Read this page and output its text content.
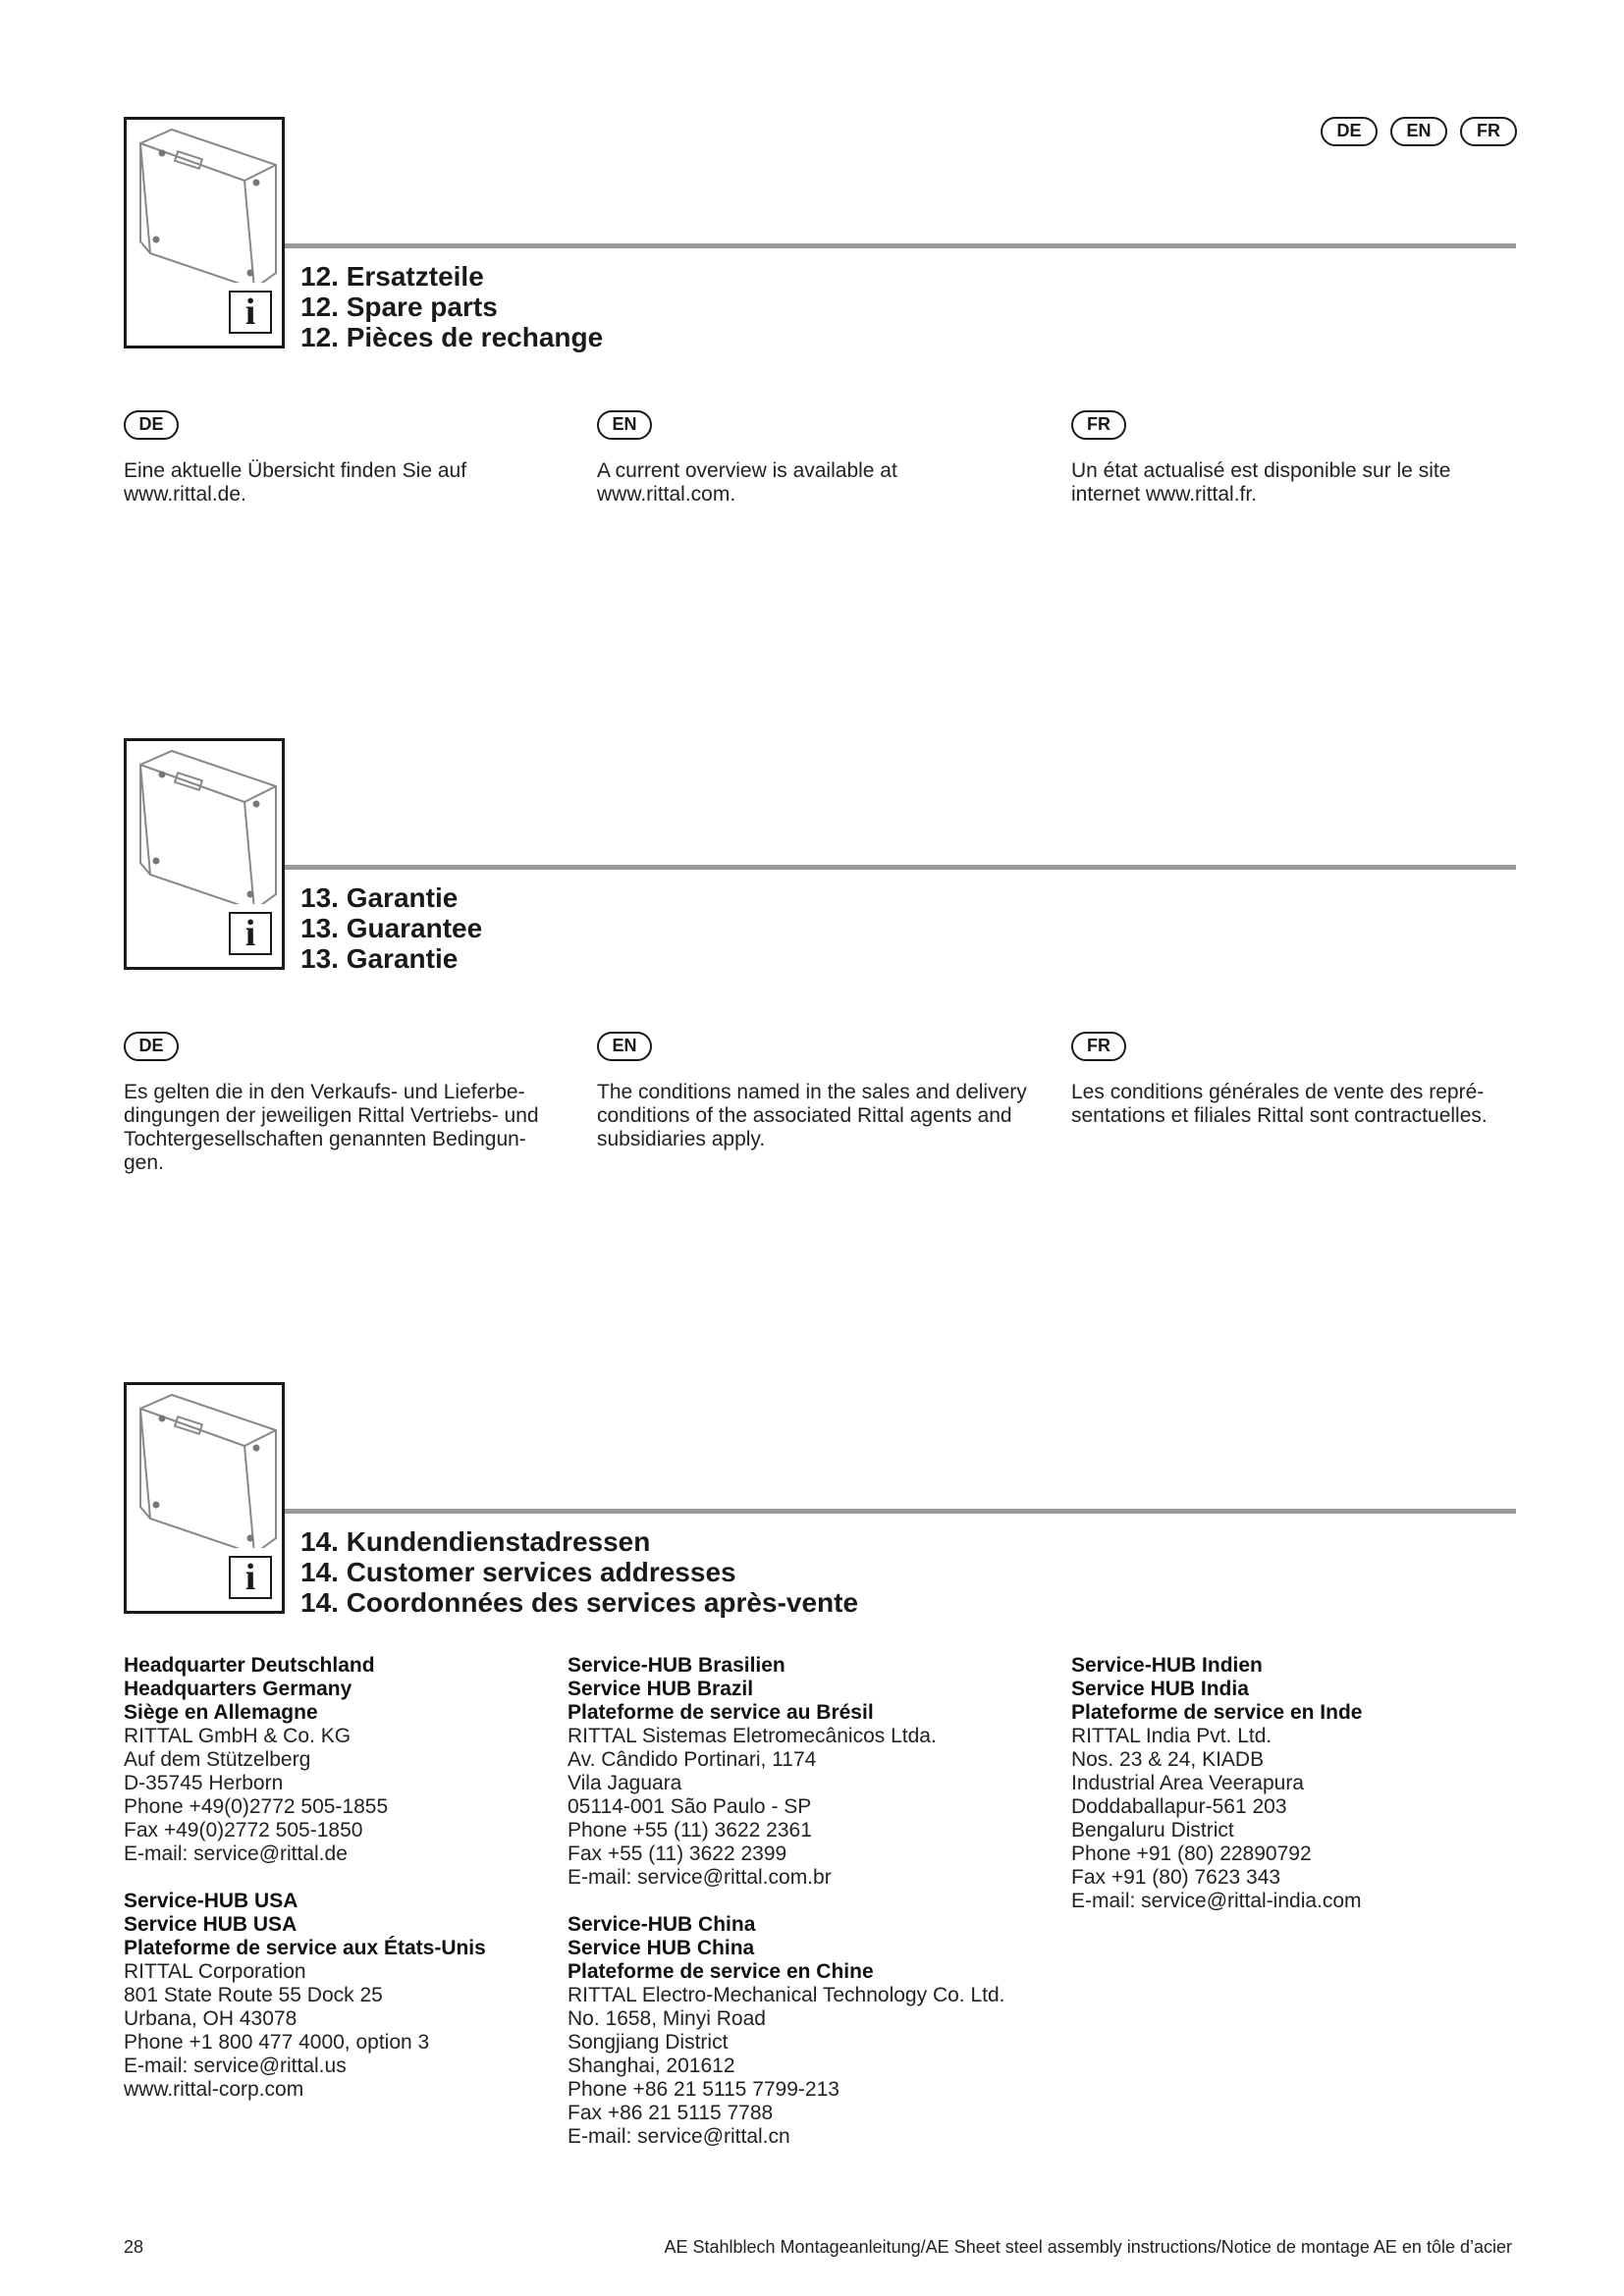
DE	EN	FR
i
12. Ersatzteile
12. Spare parts
12. Pièces de rechange
DE	EN	FR
Eine aktuelle Übersicht finden Sie auf
www.rittal.de.
A current overview is available at
www.rittal.com.
Un état actualisé est disponible sur le site
internet www.rittal.fr.
i
13. Garantie
13. Guarantee
13. Garantie
DE	EN	FR
Es gelten die in den Verkaufs- und Lieferbe-
dingungen der jeweiligen Rittal Vertriebs- und
Tochtergesellschaften genannten Bedingun-
gen.
The conditions named in the sales and delivery
conditions of the associated Rittal agents and
subsidiaries apply.
Les conditions générales de vente des repré-
sentations et filiales Rittal sont contractuelles.
i
14. Kundendienstadressen
14. Customer services addresses
14. Coordonnées des services après-vente
Headquarter Deutschland
Headquarters Germany
Siège en Allemagne
RITTAL GmbH & Co. KG
Auf dem Stützelberg
D-35745 Herborn
Phone +49(0)2772 505-1855
Fax +49(0)2772 505-1850
E-mail: service@rittal.de
Service-HUB USA
Service HUB USA
Plateforme de service aux États-Unis
RITTAL Corporation
801 State Route 55 Dock 25
Urbana, OH 43078
Phone +1 800 477 4000, option 3
E-mail: service@rittal.us
www.rittal-corp.com
Service-HUB Brasilien
Service HUB Brazil
Plateforme de service au Brésil
RITTAL Sistemas Eletromecânicos Ltda.
Av. Cândido Portinari, 1174
Vila Jaguara
05114-001 São Paulo - SP
Phone +55 (11) 3622 2361
Fax +55 (11) 3622 2399
E-mail: service@rittal.com.br
Service-HUB China
Service HUB China
Plateforme de service en Chine
RITTAL Electro-Mechanical Technology Co. Ltd.
No. 1658, Minyi Road
Songjiang District
Shanghai, 201612
Phone +86 21 5115 7799-213
Fax +86 21 5115 7788
E-mail: service@rittal.cn
Service-HUB Indien
Service HUB India
Plateforme de service en Inde
RITTAL India Pvt. Ltd.
Nos. 23 & 24, KIADB
Industrial Area Veerapura
Doddaballapur-561 203
Bengaluru District
Phone +91 (80) 22890792
Fax +91 (80) 7623 343
E-mail: service@rittal-india.com
28	AE Stahlblech Montageanleitung/AE Sheet steel assembly instructions/Notice de montage AE en tôle d’acier
